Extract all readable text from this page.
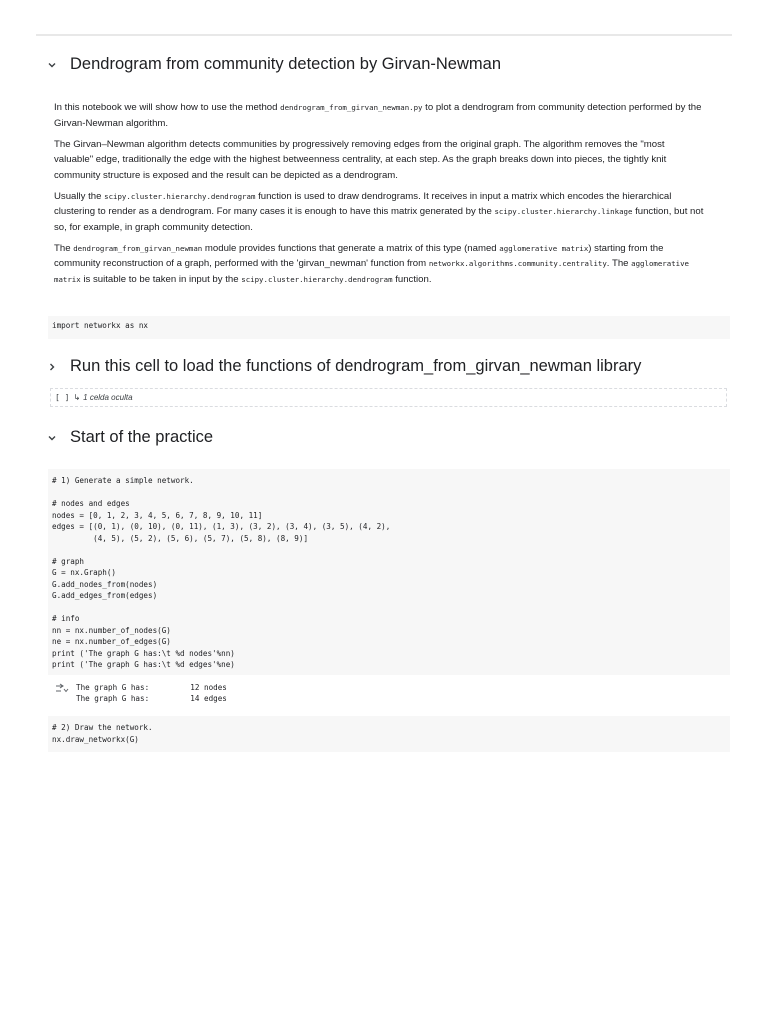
Dendrogram from community detection by Girvan-Newman

In this notebook we will show how to use the method dendrogram_from_girvan_newman.py to plot a dendrogram from community detection performed by the Girvan-Newman algorithm.

The Girvan–Newman algorithm detects communities by progressively removing edges from the original graph. The algorithm removes the "most valuable" edge, traditionally the edge with the highest betweenness centrality, at each step. As the graph breaks down into pieces, the tightly knit community structure is exposed and the result can be depicted as a dendrogram.

Usually the scipy.cluster.hierarchy.dendrogram function is used to draw dendrograms. It receives in input a matrix which encodes the hierarchical clustering to render as a dendrogram. For many cases it is enough to have this matrix generated by the scipy.cluster.hierarchy.linkage function, but not so, for example, in graph community detection.

The dendrogram_from_girvan_newman module provides functions that generate a matrix of this type (named agglomerative matrix) starting from the community reconstruction of a graph, performed with the 'girvan_newman' function from networkx.algorithms.community.centrality. The agglomerative matrix is suitable to be taken in input by the scipy.cluster.hierarchy.dendrogram function.

import networkx as nx
Run this cell to load the functions of dendrogram_from_girvan_newman library
[ ] ↳ 1 celda oculta
Start of the practice
# 1) Generate a simple network.

# nodes and edges
nodes = [0, 1, 2, 3, 4, 5, 6, 7, 8, 9, 10, 11]
edges = [(0, 1), (0, 10), (0, 11), (1, 3), (3, 2), (3, 4), (3, 5), (4, 2),
(4, 5), (5, 2), (5, 6), (5, 7), (5, 8), (8, 9)]

# graph
G = nx.Graph()
G.add_nodes_from(nodes)
G.add_edges_from(edges)

# info
nn = nx.number_of_nodes(G)
ne = nx.number_of_edges(G)
print ('The graph G has:\t %d nodes'%nn)
print ('The graph G has:\t %d edges'%ne)
The graph G has:         12 nodes
The graph G has:         14 edges
# 2) Draw the network.
nx.draw_networkx(G)
